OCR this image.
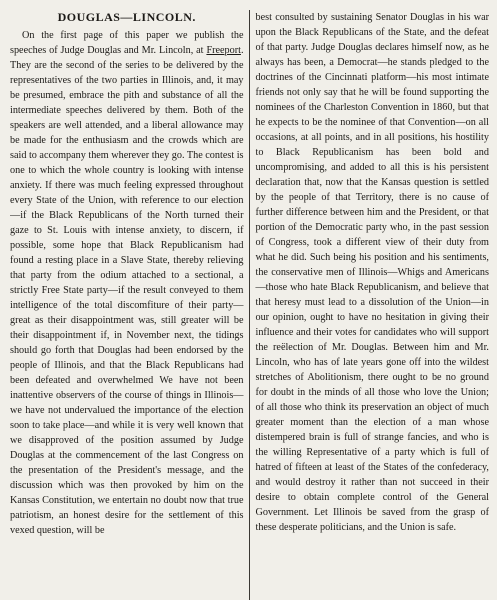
DOUGLAS—LINCOLN.

On the first page of this paper we publish the speeches of Judge Douglas and Mr. Lincoln, at Freeport. They are the second of the series to be delivered by the representatives of the two parties in Illinois, and, it may be presumed, embrace the pith and substance of all the intermediate speeches delivered by them. Both of the speakers are well attended, and a liberal allowance may be made for the enthusiasm and the crowds which are said to accompany them wherever they go. The contest is one to which the whole country is looking with intense anxiety. If there was much feeling expressed throughout every State of the Union, with reference to our election—if the Black Republicans of the North turned their gaze to St. Louis with intense anxiety, to discern, if possible, some hope that Black Republicanism had found a resting place in a Slave State, thereby relieving that party from the odium attached to a sectional, a strictly Free State party—if the result conveyed to them intelligence of the total discomfiture of their party—great as their disappointment was, still greater will be their disappointment if, in November next, the tidings should go forth that Douglas had been endorsed by the people of Illinois, and that the Black Republicans had been defeated and overwhelmed We have not been inattentive observers of the course of things in Illinois—we have not undervalued the importance of the election soon to take place—and while it is very well known that we disapproved of the position assumed by Judge Douglas at the commencement of the last Congress on the presentation of the President's message, and the discussion which was then provoked by him on the Kansas Constitution, we entertain no doubt now that true patriotism, an honest desire for the settlement of this vexed question, will be

best consulted by sustaining Senator Douglas in his war upon the Black Republicans of the State, and the defeat of that party. Judge Douglas declares himself now, as he always has been, a Democrat—he stands pledged to the doctrines of the Cincinnati platform—his most intimate friends not only say that he will be found supporting the nominees of the Charleston Convention in 1860, but that he expects to be the nominee of that Convention—on all occasions, at all points, and in all positions, his hostility to Black Republicanism has been bold and uncompromising, and added to all this is his persistent declaration that, now that the Kansas question is settled by the people of that Territory, there is no cause of further difference between him and the President, or that portion of the Democratic party who, in the past session of Congress, took a different view of their duty from what he did. Such being his position and his sentiments, the conservative men of Illinois—Whigs and Americans—those who hate Black Republicanism, and believe that that heresy must lead to a dissolution of the Union—in our opinion, ought to have no hesitation in giving their influence and their votes for candidates who will support the reëlection of Mr. Douglas. Between him and Mr. Lincoln, who has of late years gone off into the wildest stretches of Abolitionism, there ought to be no ground for doubt in the minds of all those who love the Union; of all those who think its preservation an object of much greater moment than the election of a man whose distempered brain is full of strange fancies, and who is the willing Representative of a party which is full of hatred of fifteen at least of the States of the confederacy, and would destroy it rather than not succeed in their desire to obtain complete control of the General Government. Let Illinois be saved from the grasp of these desperate politicians, and the Union is safe.
